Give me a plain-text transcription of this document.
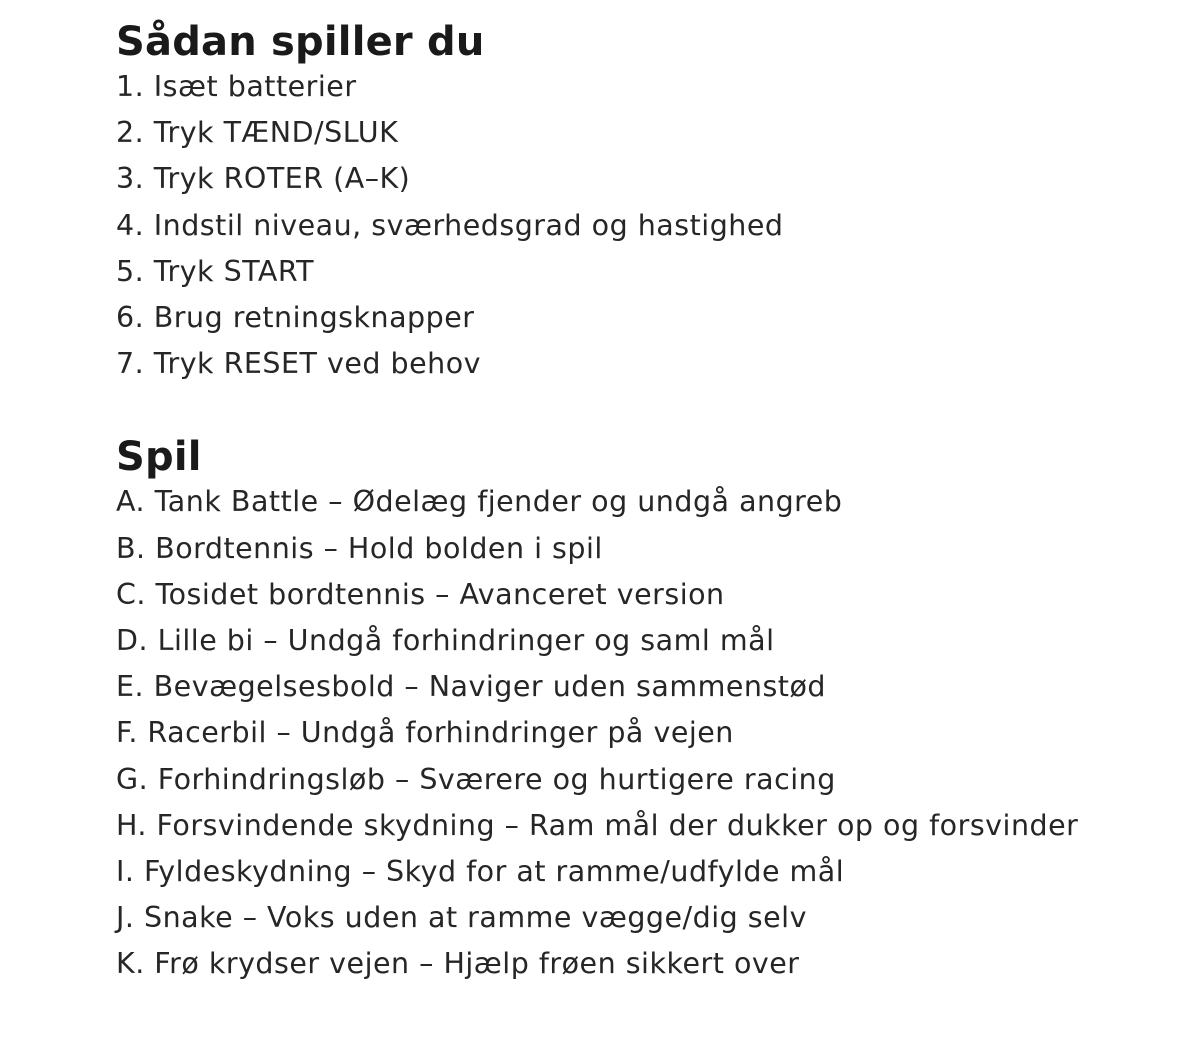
Sådan spiller du
1. Isæt batterier
2. Tryk TÆND/SLUK
3. Tryk ROTER (A–K)
4. Indstil niveau, sværhedsgrad og hastighed
5. Tryk START
6. Brug retningsknapper
7. Tryk RESET ved behov
Spil
A. Tank Battle – Ødelæg fjender og undgå angreb
B. Bordtennis – Hold bolden i spil
C. Tosidet bordtennis – Avanceret version
D. Lille bi – Undgå forhindringer og saml mål
E. Bevægelsesbold – Naviger uden sammenstød
F. Racerbil – Undgå forhindringer på vejen
G. Forhindringsløb – Sværere og hurtigere racing
H. Forsvindende skydning – Ram mål der dukker op og forsvinder
I. Fyldeskydning – Skyd for at ramme/udfylde mål
J. Snake – Voks uden at ramme vægge/dig selv
K. Frø krydser vejen – Hjælp frøen sikkert over
